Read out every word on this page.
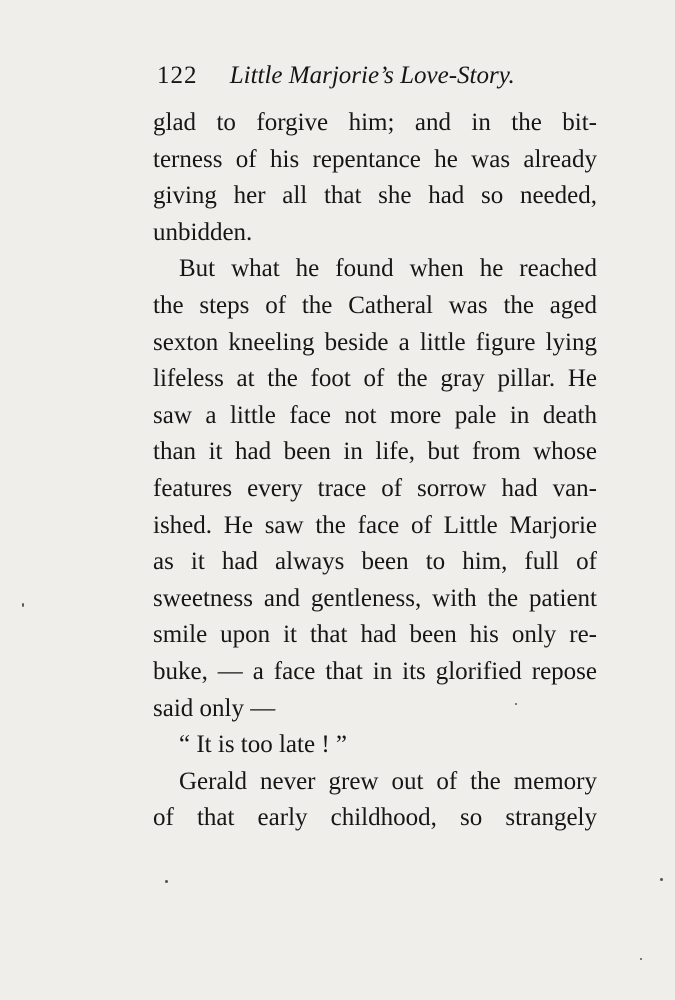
122 Little Marjorie’s Love-Story.
glad to forgive him; and in the bit-
terness of his repentance he was already
giving her all that she had so needed,
unbidden.
But what he found when he reached
the steps of the Catheral was the aged
sexton kneeling beside a little figure lying
lifeless at the foot of the gray pillar. He
saw a little face not more pale in death
than it had been in life, but from whose
features every trace of sorrow had van-
ished. He saw the face of Little Marjorie
as it had always been to him, full of
sweetness and gentleness, with the patient
smile upon it that had been his only re-
buke, — a face that in its glorified repose
said only —
“ It is too late ! ”
Gerald never grew out of the memory
of that early childhood, so strangely
